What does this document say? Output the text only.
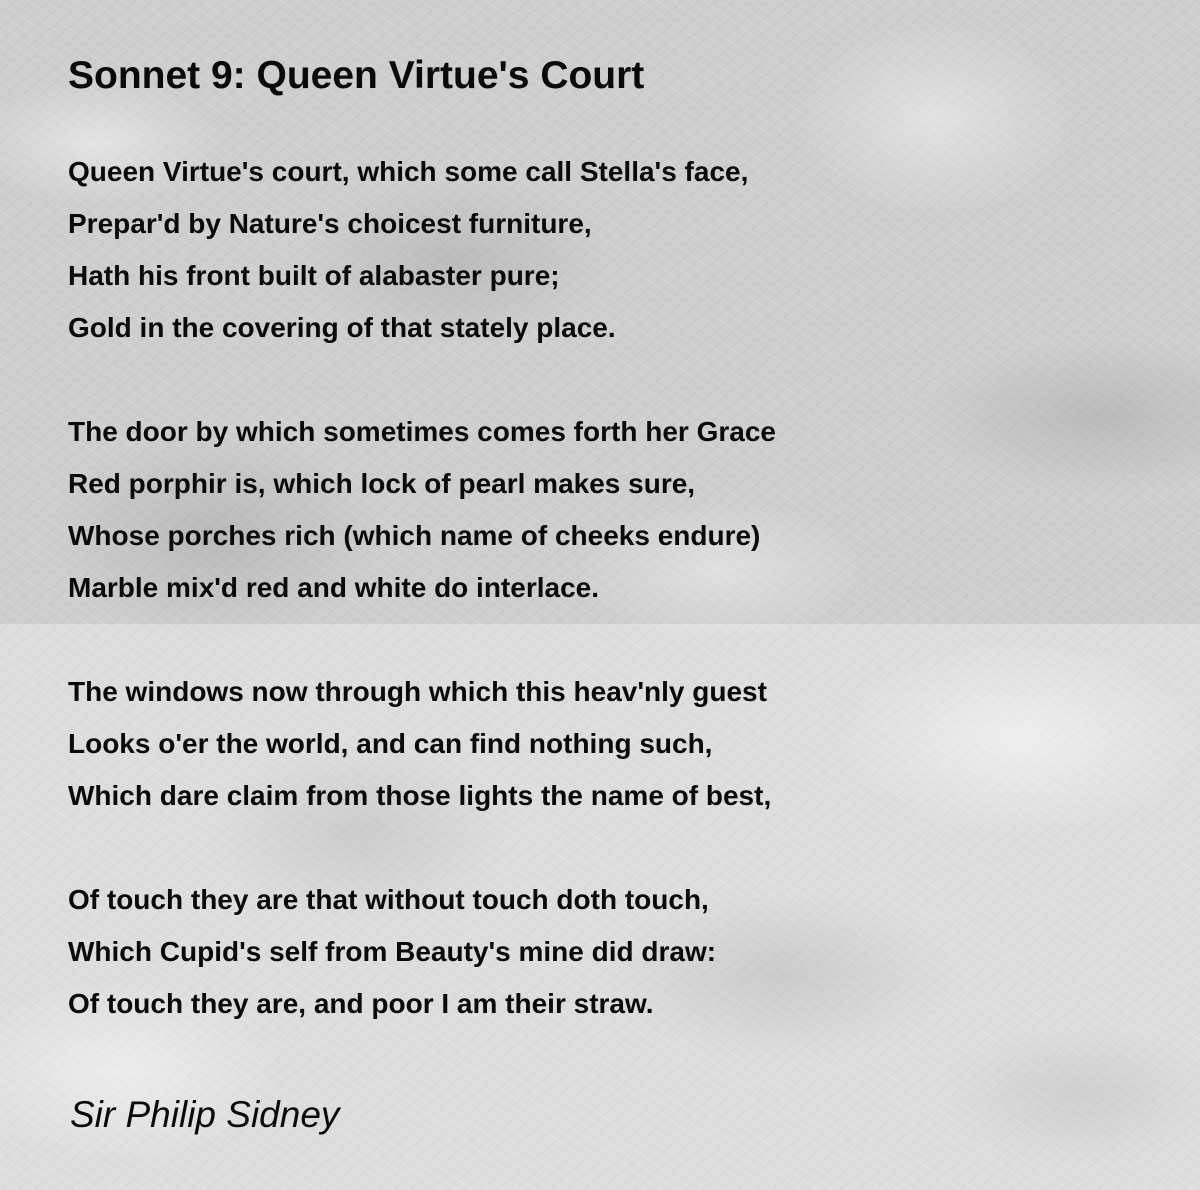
Sonnet 9: Queen Virtue's Court
Queen Virtue's court, which some call Stella's face,
Prepar'd by Nature's choicest furniture,
Hath his front built of alabaster pure;
Gold in the covering of that stately place.
The door by which sometimes comes forth her Grace
Red porphir is, which lock of pearl makes sure,
Whose porches rich (which name of cheeks endure)
Marble mix'd red and white do interlace.
The windows now through which this heav'nly guest
Looks o'er the world, and can find nothing such,
Which dare claim from those lights the name of best,
Of touch they are that without touch doth touch,
Which Cupid's self from Beauty's mine did draw:
Of touch they are, and poor I am their straw.
Sir Philip Sidney
